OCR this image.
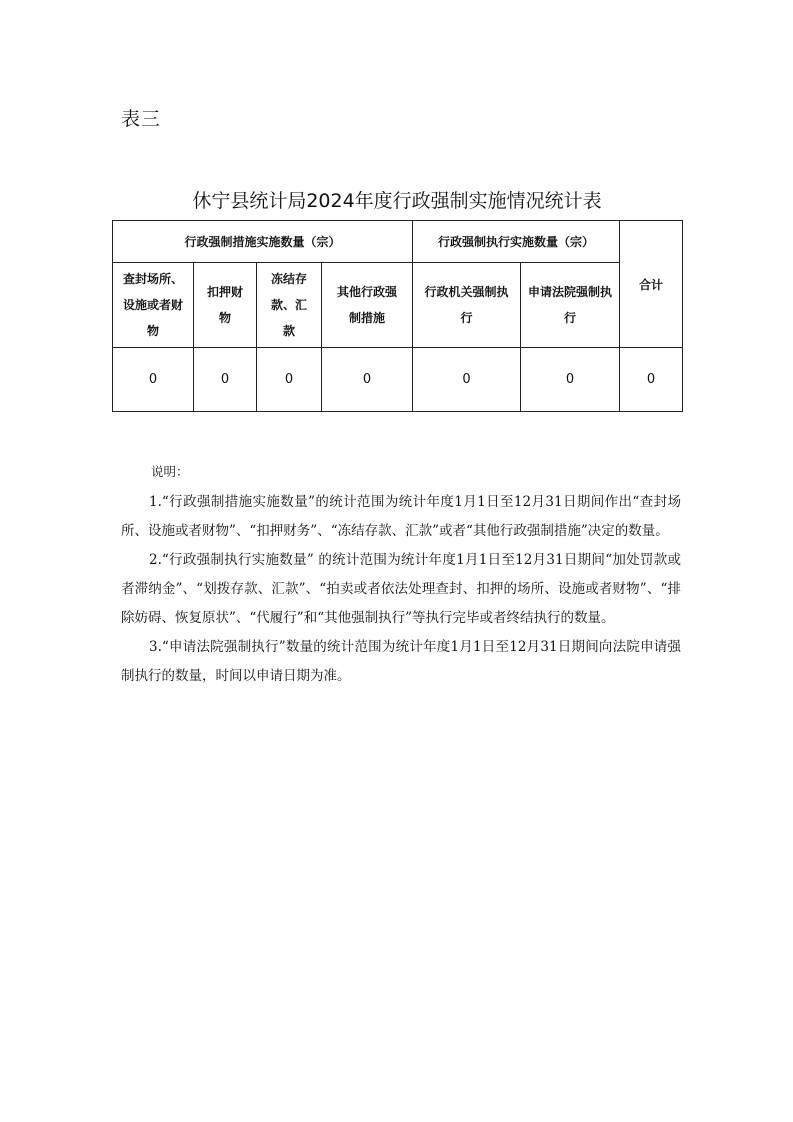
表三
休宁县统计局2024年度行政强制实施情况统计表
行政强制措施实施数量（宗）				行政强制执行实施数量（宗）		合计
查封场所、设施或者财物	扣押财物	冻结存款、汇款	其他行政强制措施	行政机关强制执行	申请法院强制执行	
0	0	0	0	0	0	0
说明：

1.“行政强制措施实施数量”的统计范围为统计年度1月1日至12月31日期间作出“查封场所、设施或者财物”、“扣押财务”、“冻结存款、汇款”或者“其他行政强制措施”决定的数量。

2.“行政强制执行实施数量” 的统计范围为统计年度1月1日至12月31日期间“加处罚款或者滞纳金”、“划拨存款、汇款”、“拍卖或者依法处理查封、扣押的场所、设施或者财物”、“排除妨碍、恢复原状”、“代履行”和“其他强制执行”等执行完毕或者终结执行的数量。

3.“申请法院强制执行”数量的统计范围为统计年度1月1日至12月31日期间向法院申请强制执行的数量，时间以申请日期为准。
